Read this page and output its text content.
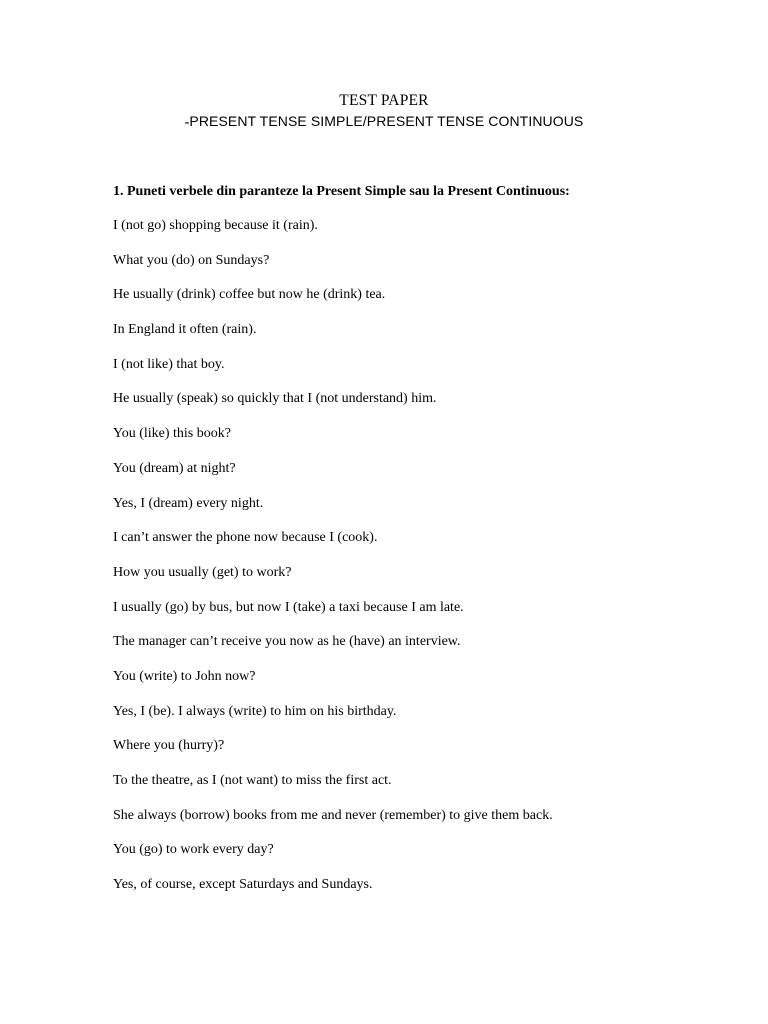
TEST PAPER
-PRESENT TENSE SIMPLE/PRESENT TENSE CONTINUOUS
1. Puneti verbele din paranteze la Present Simple sau la Present Continuous:
I (not go) shopping because it (rain).
What you (do) on Sundays?
He usually (drink) coffee but now he (drink) tea.
In England it often (rain).
I (not like) that boy.
He usually (speak) so quickly that I (not understand) him.
You (like) this book?
You (dream) at night?
Yes, I (dream) every night.
I can’t answer the phone now because I (cook).
How you usually (get) to work?
I usually (go) by bus, but now I (take) a taxi because I am late.
The manager can’t receive you now as he (have) an interview.
You (write) to John now?
Yes, I (be). I always (write) to him on his birthday.
Where you (hurry)?
To the theatre, as I (not want) to miss the first act.
She always (borrow) books from me and never (remember) to give them back.
You (go) to work every day?
Yes, of course, except Saturdays and Sundays.
